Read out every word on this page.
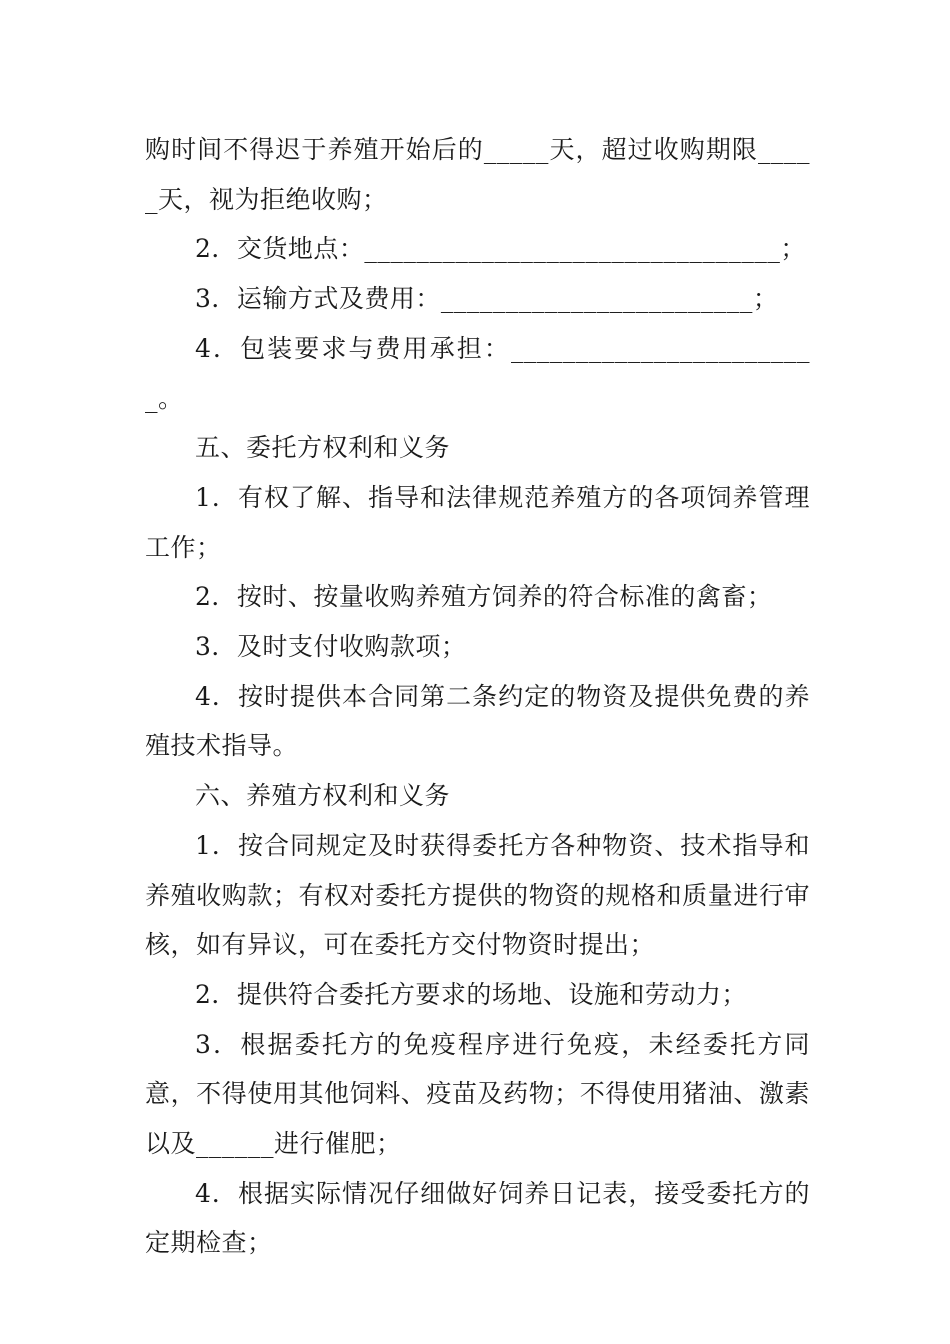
购时间不得迟于养殖开始后的_____天，超过收购期限_____天，视为拒绝收购；

2．交货地点：________________________________；

3．运输方式及费用：________________________；

4．包装要求与费用承担：________________________。

五、委托方权利和义务

1．有权了解、指导和法律规范养殖方的各项饲养管理工作；

2．按时、按量收购养殖方饲养的符合标准的禽畜；

3．及时支付收购款项；

4．按时提供本合同第二条约定的物资及提供免费的养殖技术指导。

六、养殖方权利和义务

1．按合同规定及时获得委托方各种物资、技术指导和养殖收购款；有权对委托方提供的物资的规格和质量进行审核，如有异议，可在委托方交付物资时提出；

2．提供符合委托方要求的场地、设施和劳动力；

3．根据委托方的免疫程序进行免疫，未经委托方同意，不得使用其他饲料、疫苗及药物；不得使用猪油、激素以及______进行催肥；

4．根据实际情况仔细做好饲养日记表，接受委托方的定期检查；
